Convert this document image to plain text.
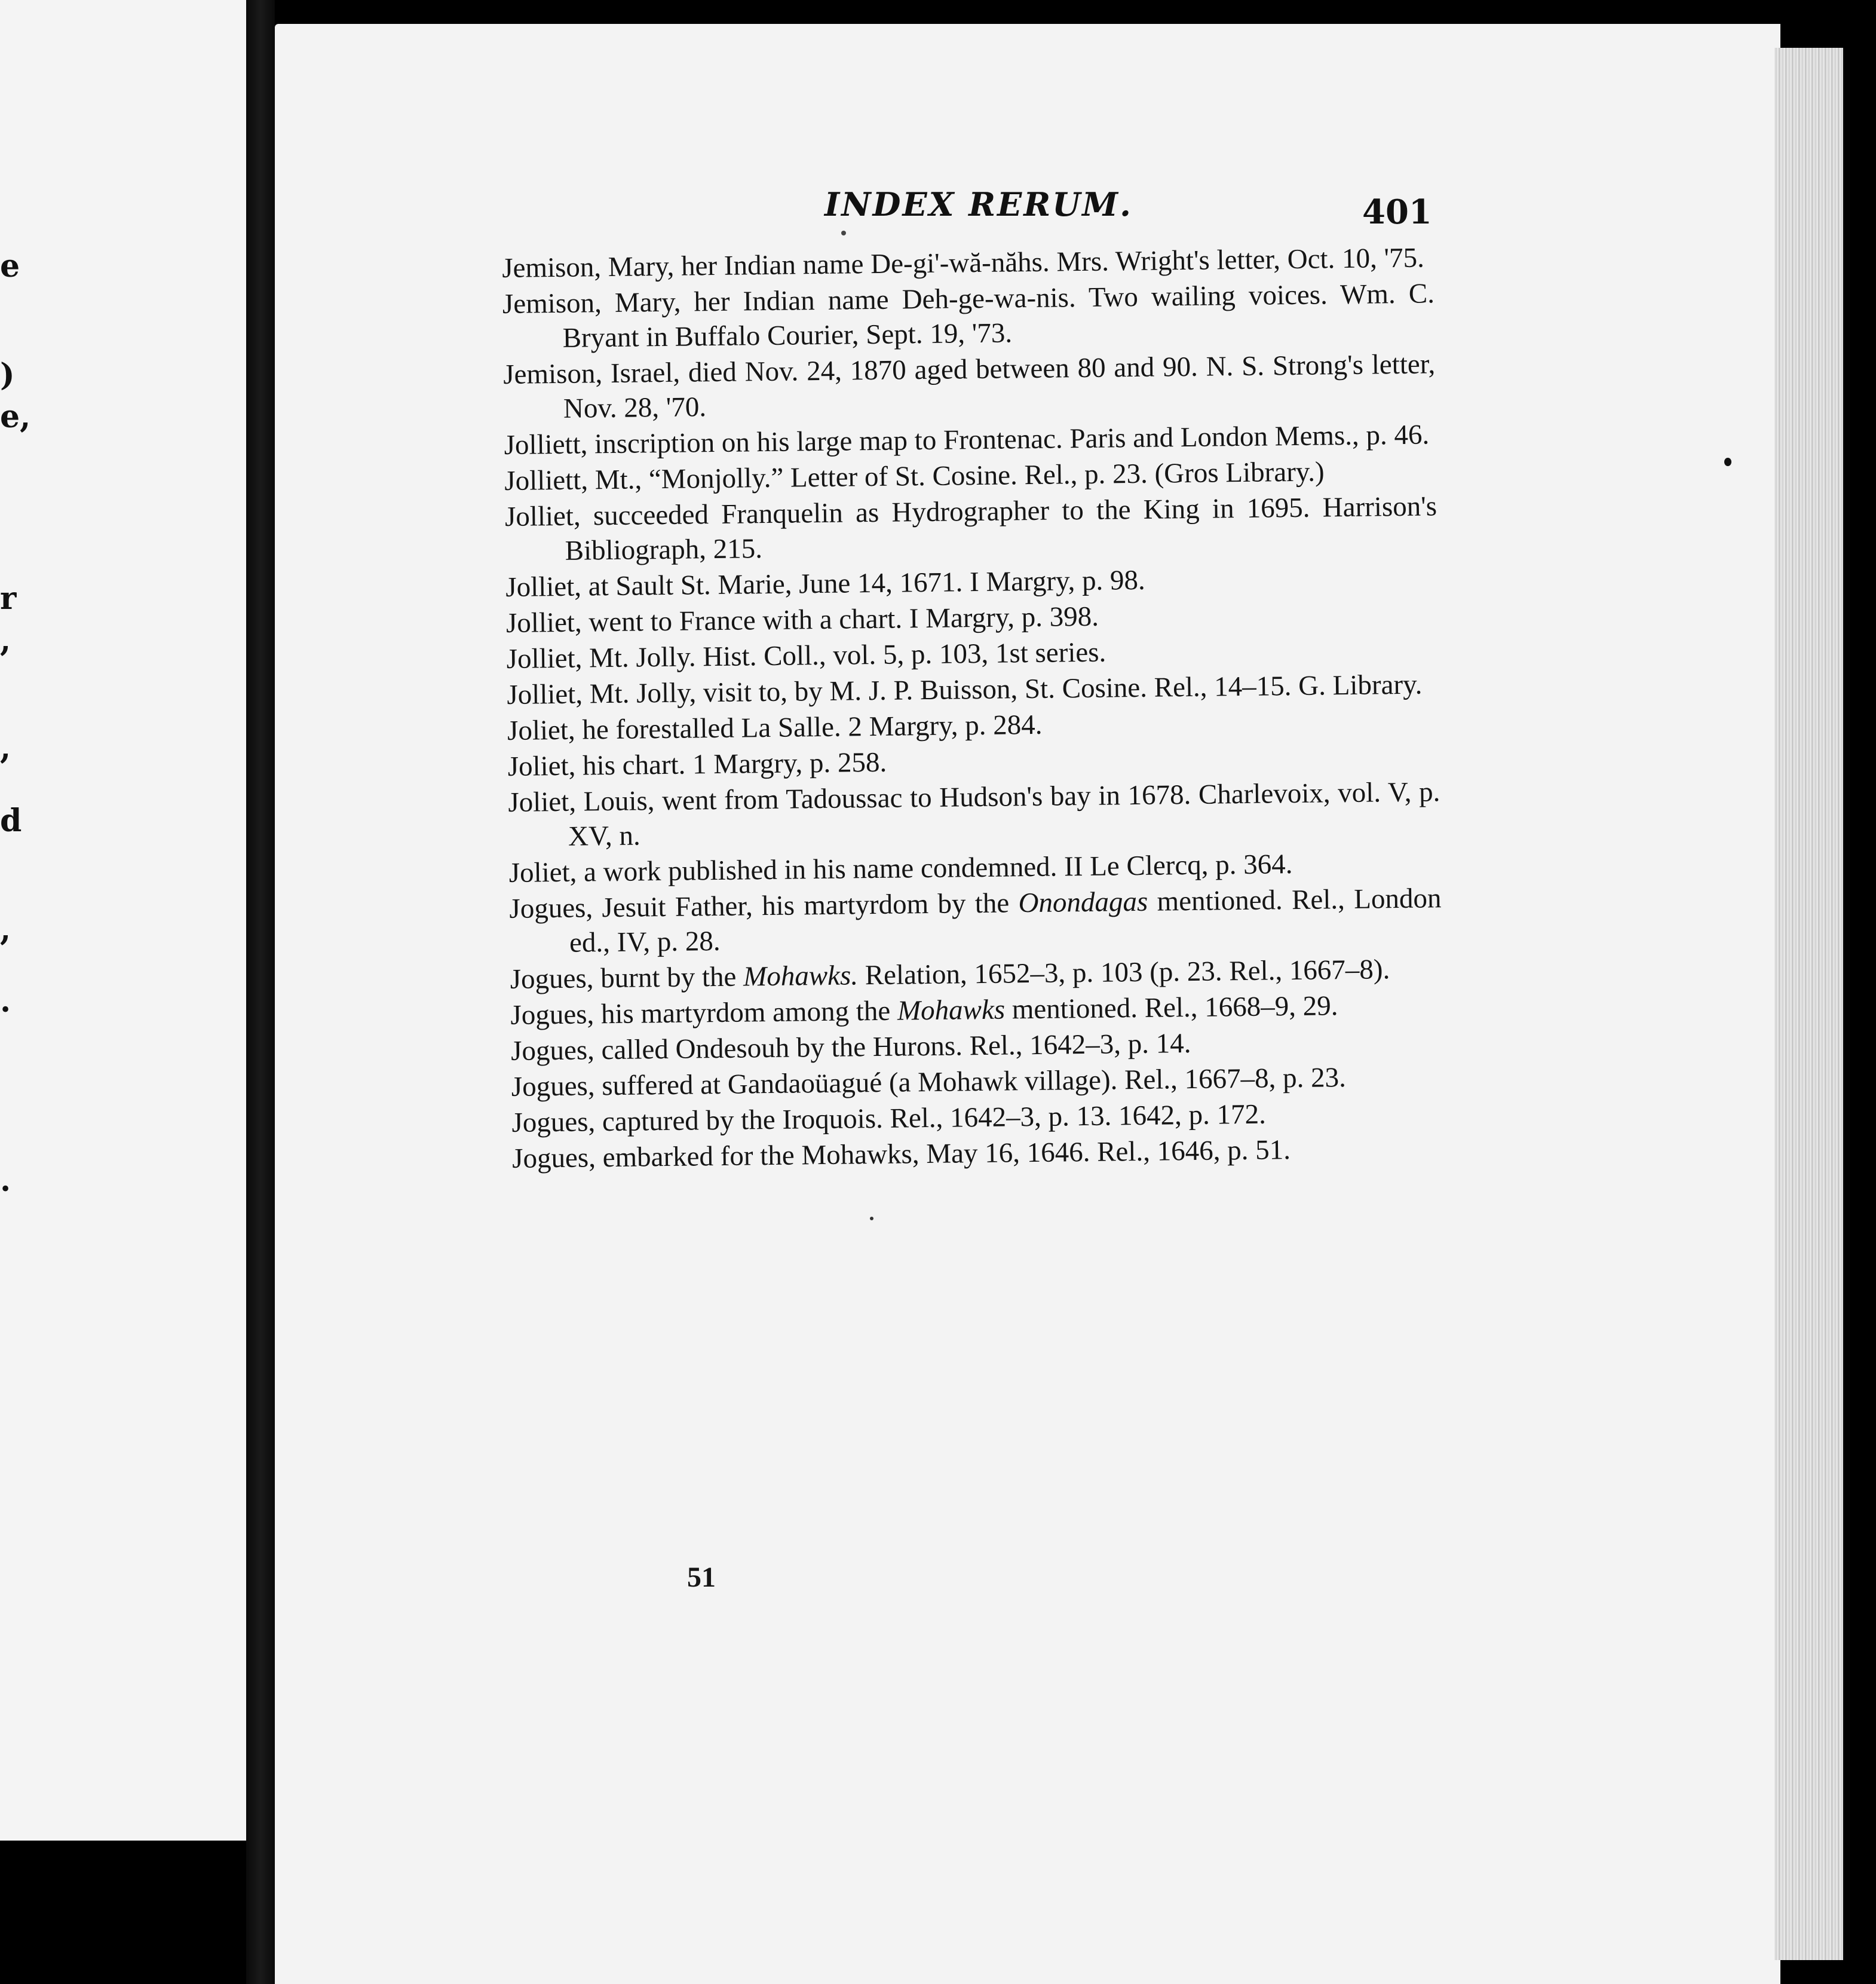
e
)
e,
r
,
,
d
,
.
.
INDEX RERUM.	401

Jemison, Mary, her Indian name De-gi'-wă-năhs. Mrs. Wright's letter, Oct. 10, '75.

Jemison, Mary, her Indian name Deh-ge-wa-nis. Two wailing voices. Wm. C. Bryant in Buffalo Courier, Sept. 19, '73.

Jemison, Israel, died Nov. 24, 1870 aged between 80 and 90. N. S. Strong's letter, Nov. 28, '70.

Jolliett, inscription on his large map to Frontenac. Paris and London Mems., p. 46.

Jolliett, Mt., “Monjolly.” Letter of St. Cosine. Rel., p. 23. (Gros Library.)

Jolliet, succeeded Franquelin as Hydrographer to the King in 1695. Harrison's Bibliograph, 215.

Jolliet, at Sault St. Marie, June 14, 1671. I Margry, p. 98.

Jolliet, went to France with a chart. I Margry, p. 398.

Jolliet, Mt. Jolly. Hist. Coll., vol. 5, p. 103, 1st series.

Jolliet, Mt. Jolly, visit to, by M. J. P. Buisson, St. Cosine. Rel., 14–15. G. Library.

Joliet, he forestalled La Salle. 2 Margry, p. 284.

Joliet, his chart. 1 Margry, p. 258.

Joliet, Louis, went from Tadoussac to Hudson's bay in 1678. Charlevoix, vol. V, p. XV, n.

Joliet, a work published in his name condemned. II Le Clercq, p. 364.

Jogues, Jesuit Father, his martyrdom by the Onondagas mentioned. Rel., London ed., IV, p. 28.

Jogues, burnt by the Mohawks. Relation, 1652–3, p. 103 (p. 23. Rel., 1667–8).

Jogues, his martyrdom among the Mohawks mentioned. Rel., 1668–9, 29.

Jogues, called Ondesouh by the Hurons. Rel., 1642–3, p. 14.

Jogues, suffered at Gandaoüagué (a Mohawk village). Rel., 1667–8, p. 23.

Jogues, captured by the Iroquois. Rel., 1642–3, p. 13. 1642, p. 172.

Jogues, embarked for the Mohawks, May 16, 1646. Rel., 1646, p. 51.

51
